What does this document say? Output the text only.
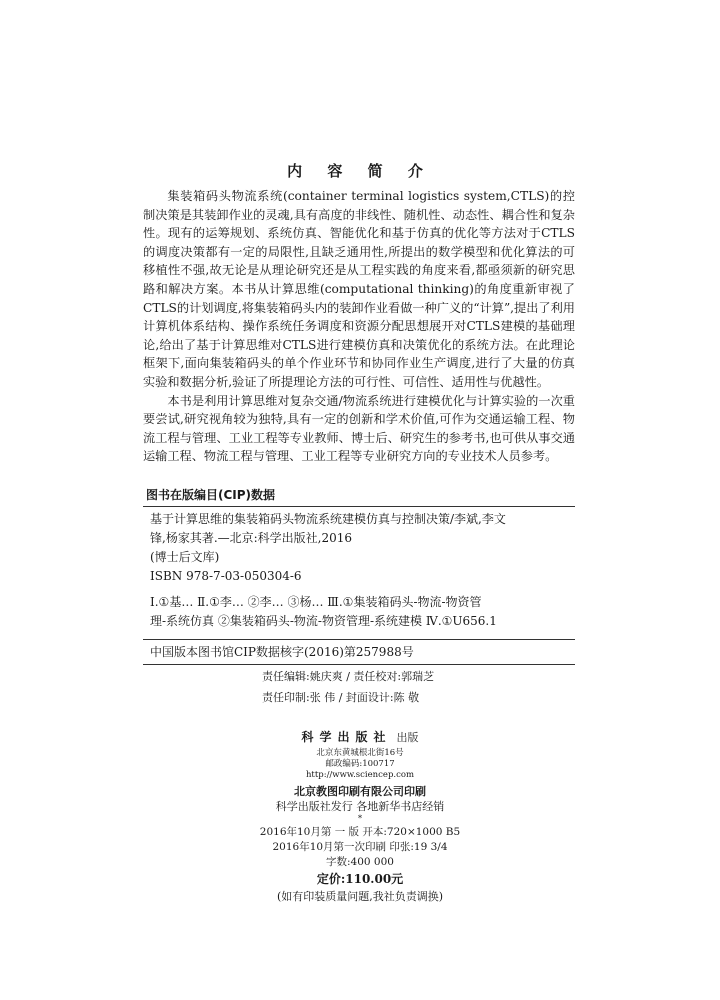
内 容 简 介

集装箱码头物流系统(container terminal logistics system,CTLS)的控制决策是其装卸作业的灵魂,具有高度的非线性、随机性、动态性、耦合性和复杂性。现有的运筹规划、系统仿真、智能优化和基于仿真的优化等方法对于CTLS的调度决策都有一定的局限性,且缺乏通用性,所提出的数学模型和优化算法的可移植性不强,故无论是从理论研究还是从工程实践的角度来看,都亟须新的研究思路和解决方案。本书从计算思维(computational thinking)的角度重新审视了CTLS的计划调度,将集装箱码头内的装卸作业看做一种广义的“计算”,提出了利用计算机体系结构、操作系统任务调度和资源分配思想展开对CTLS建模的基础理论,给出了基于计算思维对CTLS进行建模仿真和决策优化的系统方法。在此理论框架下,面向集装箱码头的单个作业环节和协同作业生产调度,进行了大量的仿真实验和数据分析,验证了所提理论方法的可行性、可信性、适用性与优越性。

本书是利用计算思维对复杂交通/物流系统进行建模优化与计算实验的一次重要尝试,研究视角较为独特,具有一定的创新和学术价值,可作为交通运输工程、物流工程与管理、工业工程等专业教师、博士后、研究生的参考书,也可供从事交通运输工程、物流工程与管理、工业工程等专业研究方向的专业技术人员参考。

图书在版编目(CIP)数据
基于计算思维的集装箱码头物流系统建模仿真与控制决策/李斌,李文
锋,杨家其著.—北京:科学出版社,2016
(博士后文库)
ISBN 978-7-03-050304-6
Ⅰ.①基… Ⅱ.①李… ②李… ③杨… Ⅲ.①集装箱码头-物流-物资管
理-系统仿真 ②集装箱码头-物流-物资管理-系统建模 Ⅳ.①U656.1
中国版本图书馆CIP数据核字(2016)第257988号
责任编辑:姚庆爽 / 责任校对:郭瑞芝
责任印制:张 伟 / 封面设计:陈 敬
科学出版社 出版
北京东黄城根北街16号
邮政编码:100717
http://www.sciencep.com
北京教图印刷有限公司印刷
科学出版社发行 各地新华书店经销
*
2016年10月第 一 版 开本:720×1000 B5
2016年10月第一次印刷 印张:19 3/4
字数:400 000
定价:110.00元
(如有印装质量问题,我社负责调换)
